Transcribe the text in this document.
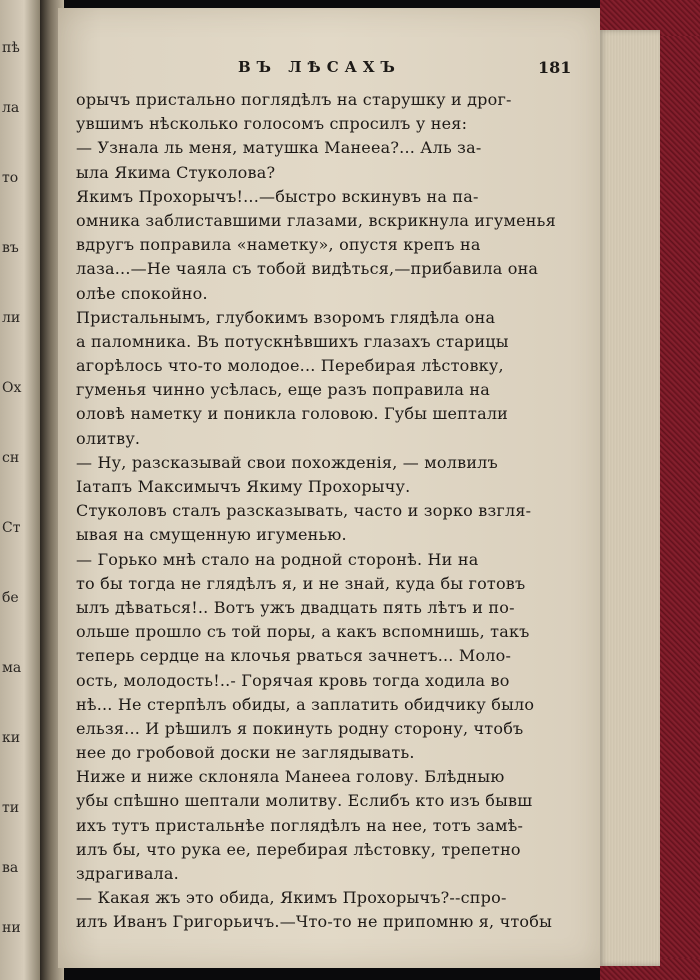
пѣ
ла
то
въ
ли
Ох
сн
Ст
бе
ма
ки
ти
ва
ни
ВЪ ЛѢСАХЪ	181
орычъ пристально поглядѣлъ на старушку и дрог-
увшимъ нѣсколько голосомъ спросилъ у нея:
— Узнала ль меня, матушка Манееа?... Аль за-
ыла Якима Стуколова?
Якимъ Прохорычъ!...—быстро вскинувъ на па-
омника заблиставшими глазами, вскрикнула игуменья
вдругъ поправила «наметку», опустя крепъ на
лаза...—Не чаяла съ тобой видѣться,—прибавила она
олѣе спокойно.
Пристальнымъ, глубокимъ взоромъ глядѣла она
а паломника. Въ потускнѣвшихъ глазахъ старицы
агорѣлось что-то молодое... Перебирая лѣстовку,
гуменья чинно усѣлась, еще разъ поправила на
оловѣ наметку и поникла головою. Губы шептали
олитву.
— Ну, разсказывай свои похожденія, — молвилъ
Іатапъ Максимычъ Якиму Прохорычу.
Стуколовъ сталъ разсказывать, часто и зорко взгля-
ывая на смущенную игуменью.
— Горько мнѣ стало на родной сторонѣ. Ни на
то бы тогда не глядѣлъ я, и не знай, куда бы готовъ
ылъ дѣваться!.. Вотъ ужъ двадцать пять лѣтъ и по-
ольше прошло съ той поры, а какъ вспомнишь, такъ
теперь сердце на клочья рваться зачнетъ... Моло-
ость, молодость!..- Горячая кровь тогда ходила во
нѣ... Не стерпѣлъ обиды, а заплатить обидчику было
ельзя... И рѣшилъ я покинуть родну сторону, чтобъ
нее до гробовой доски не заглядывать.
Ниже и ниже склоняла Манееа голову. Блѣдныю
убы спѣшно шептали молитву. Еслибъ кто изъ бывш
ихъ тутъ пристальнѣе поглядѣлъ на нее, тотъ замѣ-
илъ бы, что рука ее, перебирая лѣстовку, трепетно
здрагивала.
— Какая жъ это обида, Якимъ Прохорычъ?--спро-
илъ Иванъ Григорьичъ.—Что-то не припомню я, чтобы
